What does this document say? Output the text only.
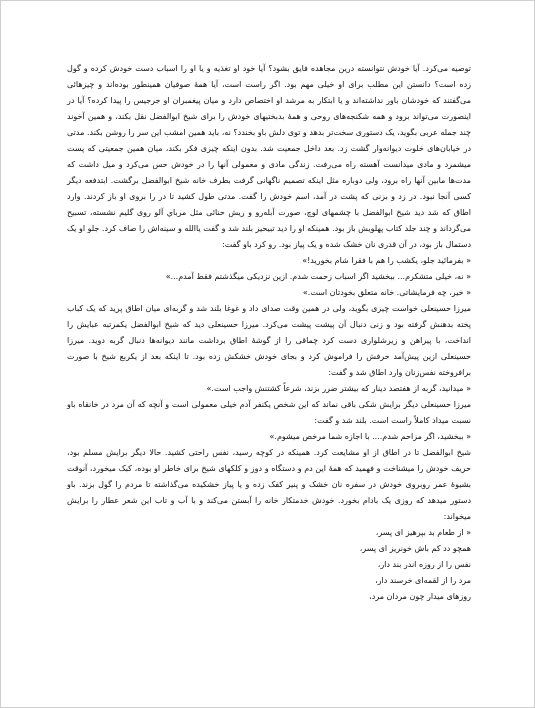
توصیه می‌کرد. آیا خودش نتوانسته درین مجاهده فایق بشود؟ آیا خود او تغذیه و یا او را اسباب دست خودش کرده و گول زده است؟ دانستن این مطلب برای او خیلی مهم بود. اگر راست است، آیا همهٔ صوفیان همینطور بوده‌اند و چیزهائی می‌گفتند که خودشان باور نداشته‌اند و یا ابتکار به مرشد او اختصاص دارد و میان پیغمبران او جرجیس را پیدا کرده؟ آیا در اینصورت می‌تواند برود و همه شکنجه‌های روحی و همهٔ بدبختیهای خودش را برای شیخ ابوالفضل نقل بکند، و همین آخوند چند جمله عربی بگوید، یک دستوری سخت‌تر بدهد و توی دلش باو بخندد؟ نه، باید همین امشب این سر را روشن بکند. مدتی در خیابان‌های خلوت دیوانه‌وار گشت زد. بعد داخل جمعیت شد. بدون اینکه چیزی فکر بکند، میان همین جمعیتی که پست میشمرد و مادی میدانست آهسته راه می‌رفت. زندگی مادی و معمولی آنها را در خودش حس می‌کرد و میل داشت که مدت‌ها مابین آنها راه برود، ولی دوباره مثل اینکه تصمیم ناگهانی گرفت بطرف خانه شیخ ابوالفضل برگشت. ابتدفعه دیگر کسی آنجا نبود. در زد و بزنی که پشت در آمد، اسم خودش را گفت. مدتی طول کشید تا در را بروی او باز کردند. وارد اطاق که شد دید شیخ ابوالفضل با چشمهای لوچ، صورت آبله‌رو و ریش حنائی مثل مرباي آلو روی گلیم نشسته، تسبیح می‌گرداند و چند جلد کتاب پهلویش باز بود. همینکه او را دید تبیحیز بلند شد و گفت یاالله و سینه‌اش را صاف کرد. جلو او یک دستمال باز بود، در آن قدری نان خشک شده و یک پیاز بود. رو کرد باو گفت:

« بفرمائید جلو، یکشب را هم با فقرا شام بخورید!»

« نه، خیلی متشکرم... ببخشید اگر اسباب زحمت شدم. ازین نزدیکی میگذشتم فقط آمدم...»

« خیر، چه فرمایشاتی. خانه متعلق بخودتان است.»

میرزا حسینعلی خواست چیزی بگوید، ولی در همین وقت صدای داد و غوغا بلند شد و گربه‌ای میان اطاق پرید که یک کباب پخته بدهنش گرفته بود و زنی دنبال آن پیشت پیشت می‌کرد. میرزا حسینعلی دید که شیخ ابوالفضل یکمرتبه عبایش را انداخت، با پیراهن و زیرشلواری دست کرد چماقی را از گوشهٔ اطاق برداشت مانند دیوانه‌ها دنبال گربه دوید. میرزا حسینعلی ازین پیش‌آمد حرفش را فراموش کرد و بجای خودش خشکش زده بود. تا اینکه بعد از یکربع شیخ با صورت برافروخته نفس‌زنان وارد اطاق شد و گفت:

« میدانید، گربه از هفتصد دینار که بیشتر ضرر بزند، شرعاً کشتنش واجب است.»

میرزا حسینعلی دیگر برایش شکی باقی نماند که این شخص یکنفر آدم خیلی معمولی است و آنچه که آن مرد در خانقاه باو نسبت میداد کاملاً راست است. بلند شد و گفت:

« ببخشید، اگر مزاحم شدم.... با اجازه شما مرخص میشوم.»

شیخ ابوالفضل تا در اطاق از او مشایعت کرد. همینکه در کوچه رسید، نفس راحتی کشید. حالا دیگر برایش مسلم بود، حریف خودش را میشناخت و فهمید که همهٔ این دم و دستگاه و دوز و کلکهای شیخ برای خاطر او بوده، کبک میخورد، آنوقت بشیوهٔ عمر روبروی خودش در سفره نان خشک و پنیر کفک زده و یا پیاز خشکیده می‌گذاشته تا مردم را گول بزند. باو دستور میدهد که روزی یک بادام بخورد. خودش خدمتکار خانه را آبستن می‌کند و با آب و تاب این شعر عطار را برایش میخواند:

« از طعام بد بپرهیز ای پسر،

همچو دد کم باش خونریز ای پسر،

نفس را از روزه اندر بند دار،

مرد را از لقمه‌ای خرسند دار،

روزهای میدار چون مردان مرد،
